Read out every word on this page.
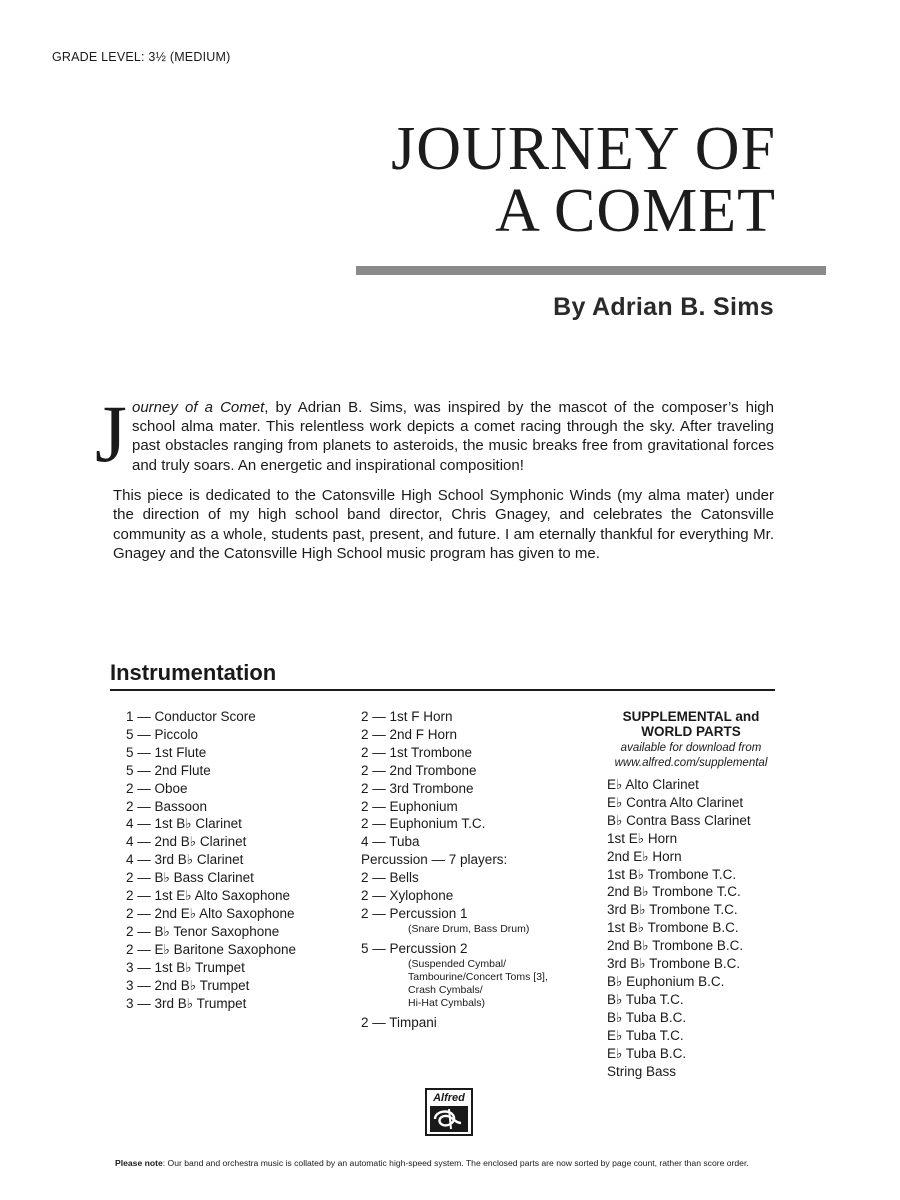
GRADE LEVEL: 3½ (MEDIUM)
JOURNEY OF
A COMET
By Adrian B. Sims
J ourney of a Comet, by Adrian B. Sims, was inspired by the mascot of the composer’s high school alma mater. This relentless work depicts a comet racing through the sky. After traveling past obstacles ranging from planets to asteroids, the music breaks free from gravitational forces and truly soars. An energetic and inspirational composition!
This piece is dedicated to the Catonsville High School Symphonic Winds (my alma mater) under the direction of my high school band director, Chris Gnagey, and celebrates the Catonsville community as a whole, students past, present, and future. I am eternally thankful for everything Mr. Gnagey and the Catonsville High School music program has given to me.
Instrumentation
1 — Conductor Score
5 — Piccolo
5 — 1st Flute
5 — 2nd Flute
2 — Oboe
2 — Bassoon
4 — 1st B♭ Clarinet
4 — 2nd B♭ Clarinet
4 — 3rd B♭ Clarinet
2 — B♭ Bass Clarinet
2 — 1st E♭ Alto Saxophone
2 — 2nd E♭ Alto Saxophone
2 — B♭ Tenor Saxophone
2 — E♭ Baritone Saxophone
3 — 1st B♭ Trumpet
3 — 2nd B♭ Trumpet
3 — 3rd B♭ Trumpet
2 — 1st F Horn
2 — 2nd F Horn
2 — 1st Trombone
2 — 2nd Trombone
2 — 3rd Trombone
2 — Euphonium
2 — Euphonium T.C.
4 — Tuba
Percussion — 7 players:
2 — Bells
2 — Xylophone
2 — Percussion 1
(Snare Drum, Bass Drum)
5 — Percussion 2
(Suspended Cymbal/
Tambourine/Concert Toms [3],
Crash Cymbals/
Hi-Hat Cymbals)
2 — Timpani
SUPPLEMENTAL and
WORLD PARTS
available for download from
www.alfred.com/supplemental
E♭ Alto Clarinet
E♭ Contra Alto Clarinet
B♭ Contra Bass Clarinet
1st E♭ Horn
2nd E♭ Horn
1st B♭ Trombone T.C.
2nd B♭ Trombone T.C.
3rd B♭ Trombone T.C.
1st B♭ Trombone B.C.
2nd B♭ Trombone B.C.
3rd B♭ Trombone B.C.
B♭ Euphonium B.C.
B♭ Tuba T.C.
B♭ Tuba B.C.
E♭ Tuba T.C.
E♭ Tuba B.C.
String Bass
Alfred
Please note: Our band and orchestra music is collated by an automatic high-speed system. The enclosed parts are now sorted by page count, rather than score order.
